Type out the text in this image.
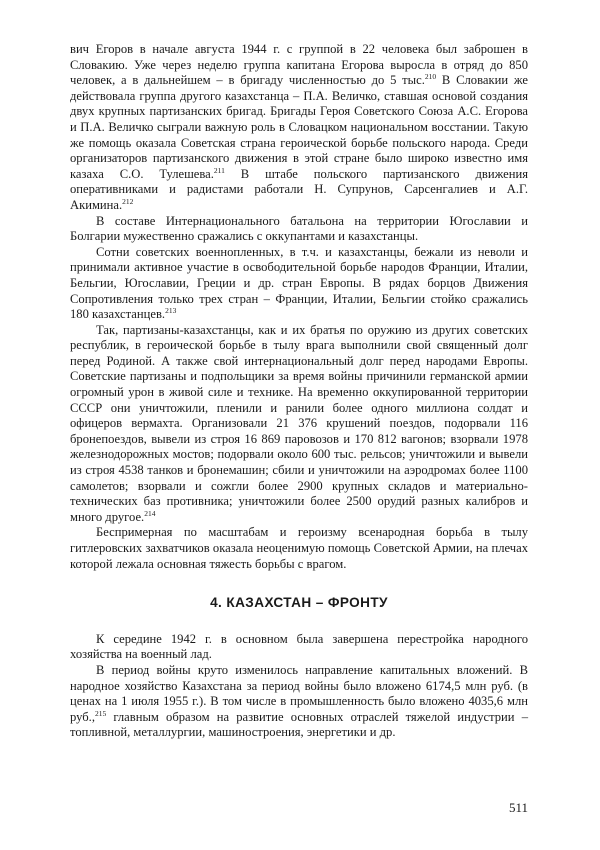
вич Егоров в начале августа 1944 г. с группой в 22 человека был заброшен в Словакию. Уже через неделю группа капитана Егорова выросла в отряд до 850 человек, а в дальнейшем – в бригаду численностью до 5 тыс.$^{210}$ В Словакии же действовала группа другого казахстанца – П.А. Величко, ставшая основой создания двух крупных партизанских бригад. Бригады Героя Советского Союза А.С. Егорова и П.А. Величко сыграли важную роль в Словацком национальном восстании. Такую же помощь оказала Советская страна героической борьбе польского народа. Среди организаторов партизанского движения в этой стране было широко известно имя казаха С.О. Тулешева.$^{211}$ В штабе польского партизанского движения оперативниками и радистами работали Н. Супрунов, Сарсенгалиев и А.Г. Акимина.$^{212}$

В составе Интернационального батальона на территории Югославии и Болгарии мужественно сражались с оккупантами и казахстанцы.

Сотни советских военнопленных, в т.ч. и казахстанцы, бежали из неволи и принимали активное участие в освободительной борьбе народов Франции, Италии, Бельгии, Югославии, Греции и др. стран Европы. В рядах борцов Движения Сопротивления только трех стран – Франции, Италии, Бельгии стойко сражались 180 казахстанцев.$^{213}$

Так, партизаны-казахстанцы, как и их братья по оружию из других советских республик, в героической борьбе в тылу врага выполнили свой священный долг перед Родиной. А также свой интернациональный долг перед народами Европы. Советские партизаны и подпольщики за время войны причинили германской армии огромный урон в живой силе и технике. На временно оккупированной территории СССР они уничтожили, пленили и ранили более одного миллиона солдат и офицеров вермахта. Организовали 21 376 крушений поездов, подорвали 116 бронепоездов, вывели из строя 16 869 паровозов и 170 812 вагонов; взорвали 1978 железнодорожных мостов; подорвали около 600 тыс. рельсов; уничтожили и вывели из строя 4538 танков и бронемашин; сбили и уничтожили на аэродромах более 1100 самолетов; взорвали и сожгли более 2900 крупных складов и материально-технических баз противника; уничтожили более 2500 орудий разных калибров и много другое.$^{214}$

Беспримерная по масштабам и героизму всенародная борьба в тылу гитлеровских захватчиков оказала неоценимую помощь Советской Армии, на плечах которой лежала основная тяжесть борьбы с врагом.

4. КАЗАХСТАН – ФРОНТУ

К середине 1942 г. в основном была завершена перестройка народного хозяйства на военный лад.

В период войны круто изменилось направление капитальных вложений. В народное хозяйство Казахстана за период войны было вложено 6174,5 млн руб. (в ценах на 1 июля 1955 г.). В том числе в промышленность было вложено 4035,6 млн руб.,$^{215}$ главным образом на развитие основных отраслей тяжелой индустрии – топливной, металлургии, машиностроения, энергетики и др.

511
